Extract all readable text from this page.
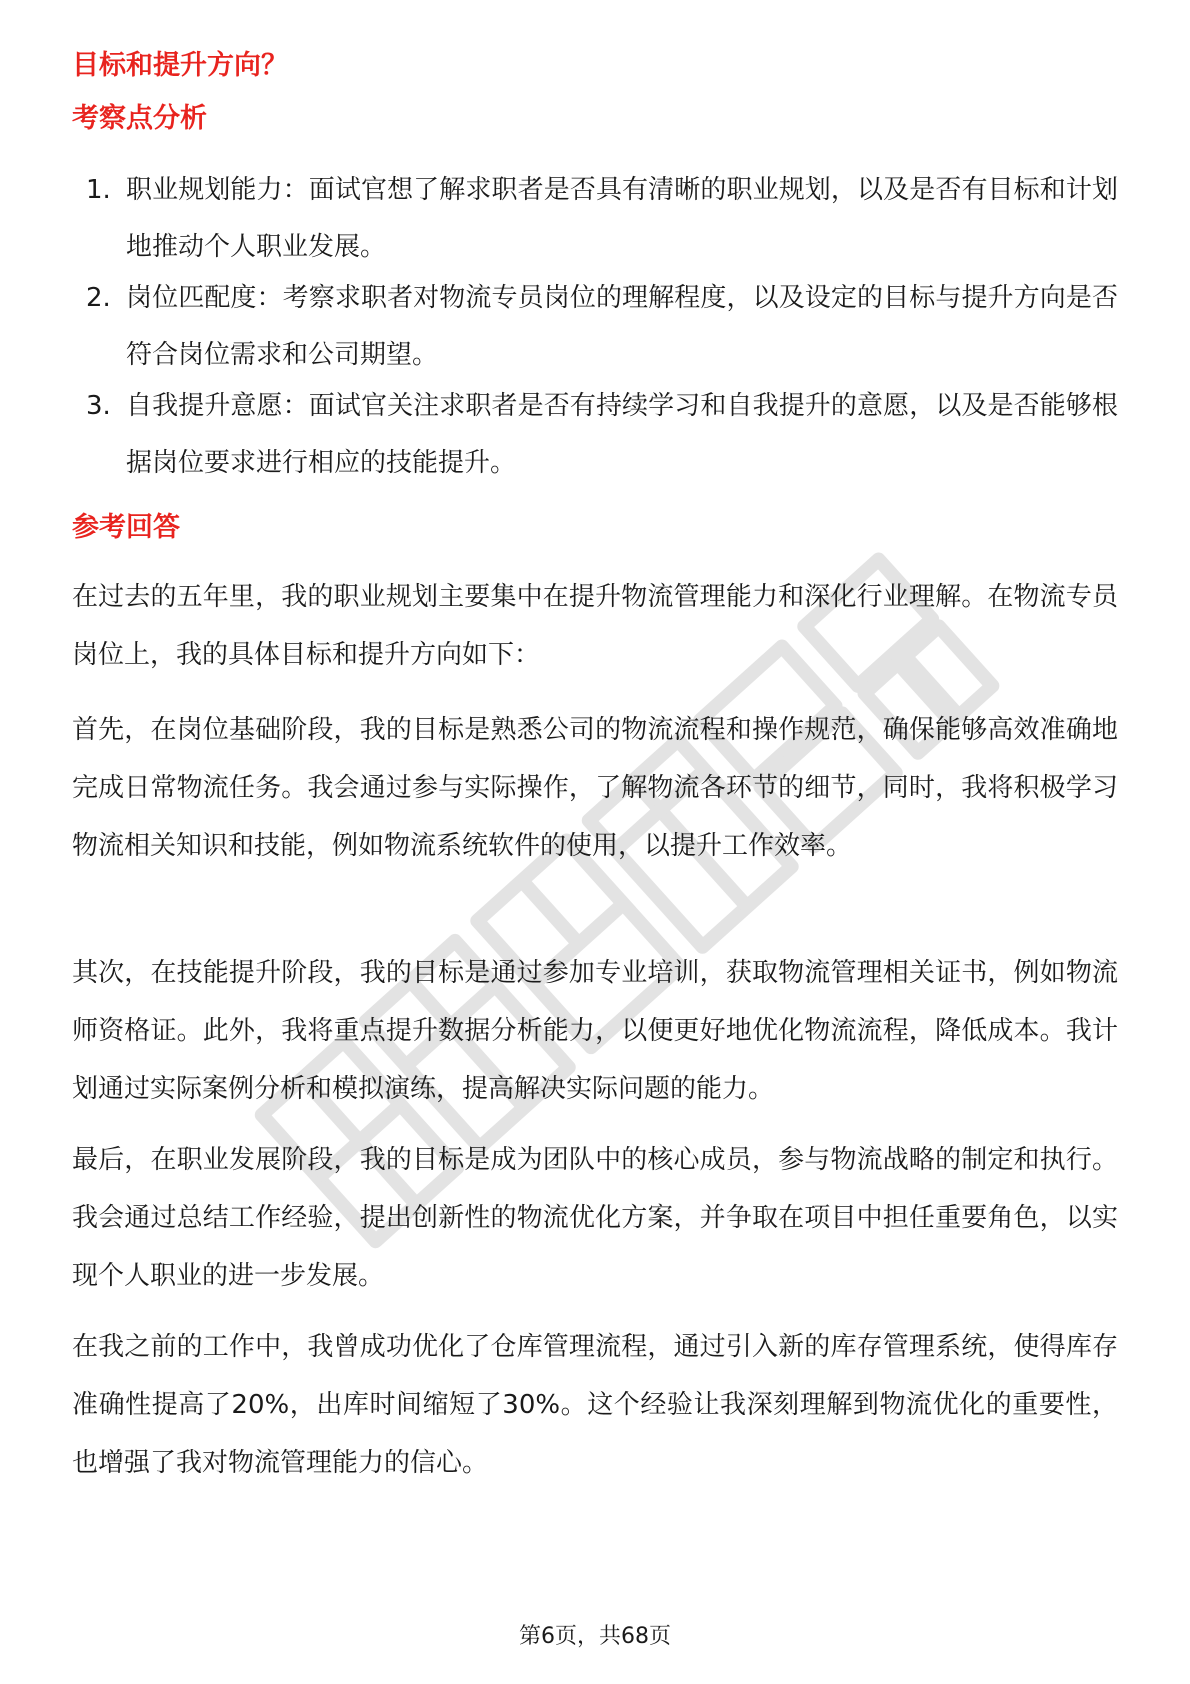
目标和提升方向？
考察点分析
1. 职业规划能力：面试官想了解求职者是否具有清晰的职业规划，以及是否有目标和计划地推动个人职业发展。
2. 岗位匹配度：考察求职者对物流专员岗位的理解程度，以及设定的目标与提升方向是否符合岗位需求和公司期望。
3. 自我提升意愿：面试官关注求职者是否有持续学习和自我提升的意愿，以及是否能够根据岗位要求进行相应的技能提升。
参考回答

在过去的五年里，我的职业规划主要集中在提升物流管理能力和深化行业理解。在物流专员岗位上，我的具体目标和提升方向如下：

首先，在岗位基础阶段，我的目标是熟悉公司的物流流程和操作规范，确保能够高效准确地完成日常物流任务。我会通过参与实际操作，了解物流各环节的细节，同时，我将积极学习物流相关知识和技能，例如物流系统软件的使用，以提升工作效率。

其次，在技能提升阶段，我的目标是通过参加专业培训，获取物流管理相关证书，例如物流师资格证。此外，我将重点提升数据分析能力，以便更好地优化物流流程，降低成本。我计划通过实际案例分析和模拟演练，提高解决实际问题的能力。

最后，在职业发展阶段，我的目标是成为团队中的核心成员，参与物流战略的制定和执行。我会通过总结工作经验，提出创新性的物流优化方案，并争取在项目中担任重要角色，以实现个人职业的进一步发展。

在我之前的工作中，我曾成功优化了仓库管理流程，通过引入新的库存管理系统，使得库存准确性提高了20%，出库时间缩短了30%。这个经验让我深刻理解到物流优化的重要性，也增强了我对物流管理能力的信心。

第6页，共68页
